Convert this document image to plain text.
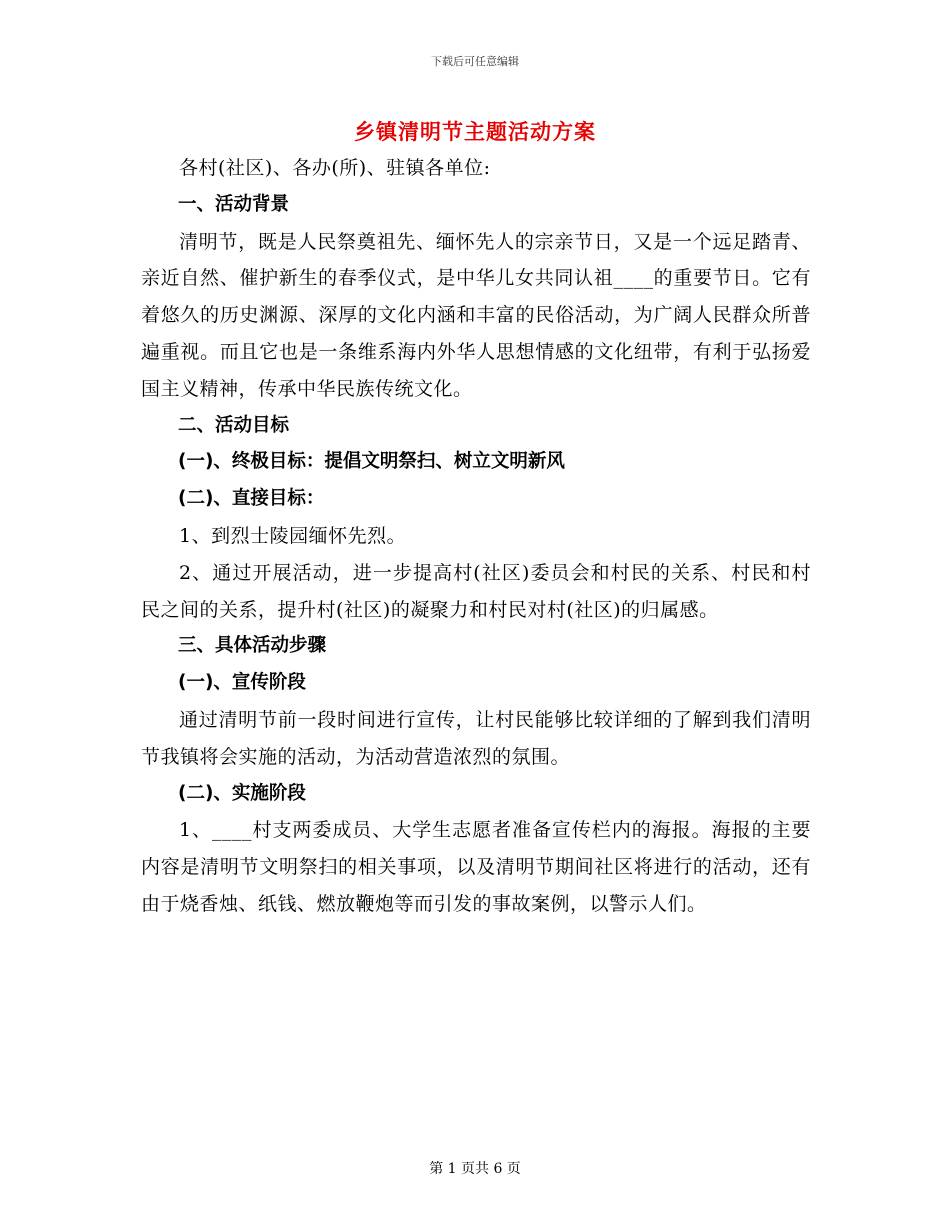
下载后可任意编辑
乡镇清明节主题活动方案

各村(社区)、各办(所)、驻镇各单位:

一、活动背景

清明节，既是人民祭奠祖先、缅怀先人的宗亲节日，又是一个远足踏青、亲近自然、催护新生的春季仪式，是中华儿女共同认祖____的重要节日。它有着悠久的历史渊源、深厚的文化内涵和丰富的民俗活动，为广阔人民群众所普遍重视。而且它也是一条维系海内外华人思想情感的文化纽带，有利于弘扬爱国主义精神，传承中华民族传统文化。

二、活动目标

(一)、终极目标：提倡文明祭扫、树立文明新风

(二)、直接目标：

1、到烈士陵园缅怀先烈。

2、通过开展活动，进一步提高村(社区)委员会和村民的关系、村民和村民之间的关系，提升村(社区)的凝聚力和村民对村(社区)的归属感。

三、具体活动步骤

(一)、宣传阶段

通过清明节前一段时间进行宣传，让村民能够比较详细的了解到我们清明节我镇将会实施的活动，为活动营造浓烈的氛围。

(二)、实施阶段

1、____村支两委成员、大学生志愿者准备宣传栏内的海报。海报的主要内容是清明节文明祭扫的相关事项，以及清明节期间社区将进行的活动，还有由于烧香烛、纸钱、燃放鞭炮等而引发的事故案例，以警示人们。

第 1 页共 6 页
